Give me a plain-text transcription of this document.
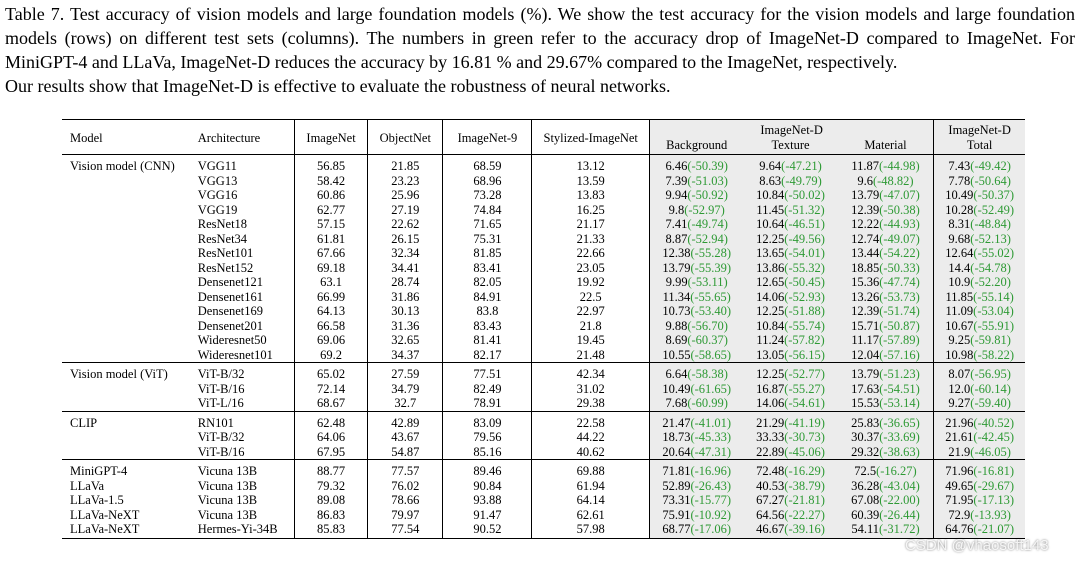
Table 7. Test accuracy of vision models and large foundation models (%). We show the test accuracy for the vision models and large foundation models (rows) on different test sets (columns). The numbers in green refer to the accuracy drop of ImageNet-D compared to ImageNet. For MiniGPT-4 and LLaVa, ImageNet-D reduces the accuracy by 16.81 % and 29.67% compared to the ImageNet, respectively.
Our results show that ImageNet-D is effective to evaluate the robustness of neural networks.

Model	Architecture	ImageNet	ObjectNet	ImageNet-9	Stylized-ImageNet	ImageNet-D			ImageNet-D
						Background	Texture	Material	Total
Vision model (CNN)	VGG11	56.85	21.85	68.59	13.12	6.46(-50.39)	9.64(-47.21)	11.87(-44.98)	7.43(-49.42)
	VGG13	58.42	23.23	68.96	13.59	7.39(-51.03)	8.63(-49.79)	9.6(-48.82)	7.78(-50.64)
	VGG16	60.86	25.96	73.28	13.83	9.94(-50.92)	10.84(-50.02)	13.79(-47.07)	10.49(-50.37)
	VGG19	62.77	27.19	74.84	16.25	9.8(-52.97)	11.45(-51.32)	12.39(-50.38)	10.28(-52.49)
	ResNet18	57.15	22.62	71.65	21.17	7.41(-49.74)	10.64(-46.51)	12.22(-44.93)	8.31(-48.84)
	ResNet34	61.81	26.15	75.31	21.33	8.87(-52.94)	12.25(-49.56)	12.74(-49.07)	9.68(-52.13)
	ResNet101	67.66	32.34	81.85	22.66	12.38(-55.28)	13.65(-54.01)	13.44(-54.22)	12.64(-55.02)
	ResNet152	69.18	34.41	83.41	23.05	13.79(-55.39)	13.86(-55.32)	18.85(-50.33)	14.4(-54.78)
	Densenet121	63.1	28.74	82.05	19.92	9.99(-53.11)	12.65(-50.45)	15.36(-47.74)	10.9(-52.20)
	Densenet161	66.99	31.86	84.91	22.5	11.34(-55.65)	14.06(-52.93)	13.26(-53.73)	11.85(-55.14)
	Densenet169	64.13	30.13	83.8	22.97	10.73(-53.40)	12.25(-51.88)	12.39(-51.74)	11.09(-53.04)
	Densenet201	66.58	31.36	83.43	21.8	9.88(-56.70)	10.84(-55.74)	15.71(-50.87)	10.67(-55.91)
	Wideresnet50	69.06	32.65	81.41	19.45	8.69(-60.37)	11.24(-57.82)	11.17(-57.89)	9.25(-59.81)
	Wideresnet101	69.2	34.37	82.17	21.48	10.55(-58.65)	13.05(-56.15)	12.04(-57.16)	10.98(-58.22)
Vision model (ViT)	ViT-B/32	65.02	27.59	77.51	42.34	6.64(-58.38)	12.25(-52.77)	13.79(-51.23)	8.07(-56.95)
	ViT-B/16	72.14	34.79	82.49	31.02	10.49(-61.65)	16.87(-55.27)	17.63(-54.51)	12.0(-60.14)
	ViT-L/16	68.67	32.7	78.91	29.38	7.68(-60.99)	14.06(-54.61)	15.53(-53.14)	9.27(-59.40)
CLIP	RN101	62.48	42.89	83.09	22.58	21.47(-41.01)	21.29(-41.19)	25.83(-36.65)	21.96(-40.52)
	ViT-B/32	64.06	43.67	79.56	44.22	18.73(-45.33)	33.33(-30.73)	30.37(-33.69)	21.61(-42.45)
	ViT-B/16	67.95	54.87	85.16	40.62	20.64(-47.31)	22.89(-45.06)	29.32(-38.63)	21.9(-46.05)
MiniGPT-4	Vicuna 13B	88.77	77.57	89.46	69.88	71.81(-16.96)	72.48(-16.29)	72.5(-16.27)	71.96(-16.81)
LLaVa	Vicuna 13B	79.32	76.02	90.84	61.94	52.89(-26.43)	40.53(-38.79)	36.28(-43.04)	49.65(-29.67)
LLaVa-1.5	Vicuna 13B	89.08	78.66	93.88	64.14	73.31(-15.77)	67.27(-21.81)	67.08(-22.00)	71.95(-17.13)
LLaVa-NeXT	Vicuna 13B	86.83	79.97	91.47	62.61	75.91(-10.92)	64.56(-22.27)	60.39(-26.44)	72.9(-13.93)
LLaVa-NeXT	Hermes-Yi-34B	85.83	77.54	90.52	57.98	68.77(-17.06)	46.67(-39.16)	54.11(-31.72)	64.76(-21.07)
CSDN @vhaosoft143
